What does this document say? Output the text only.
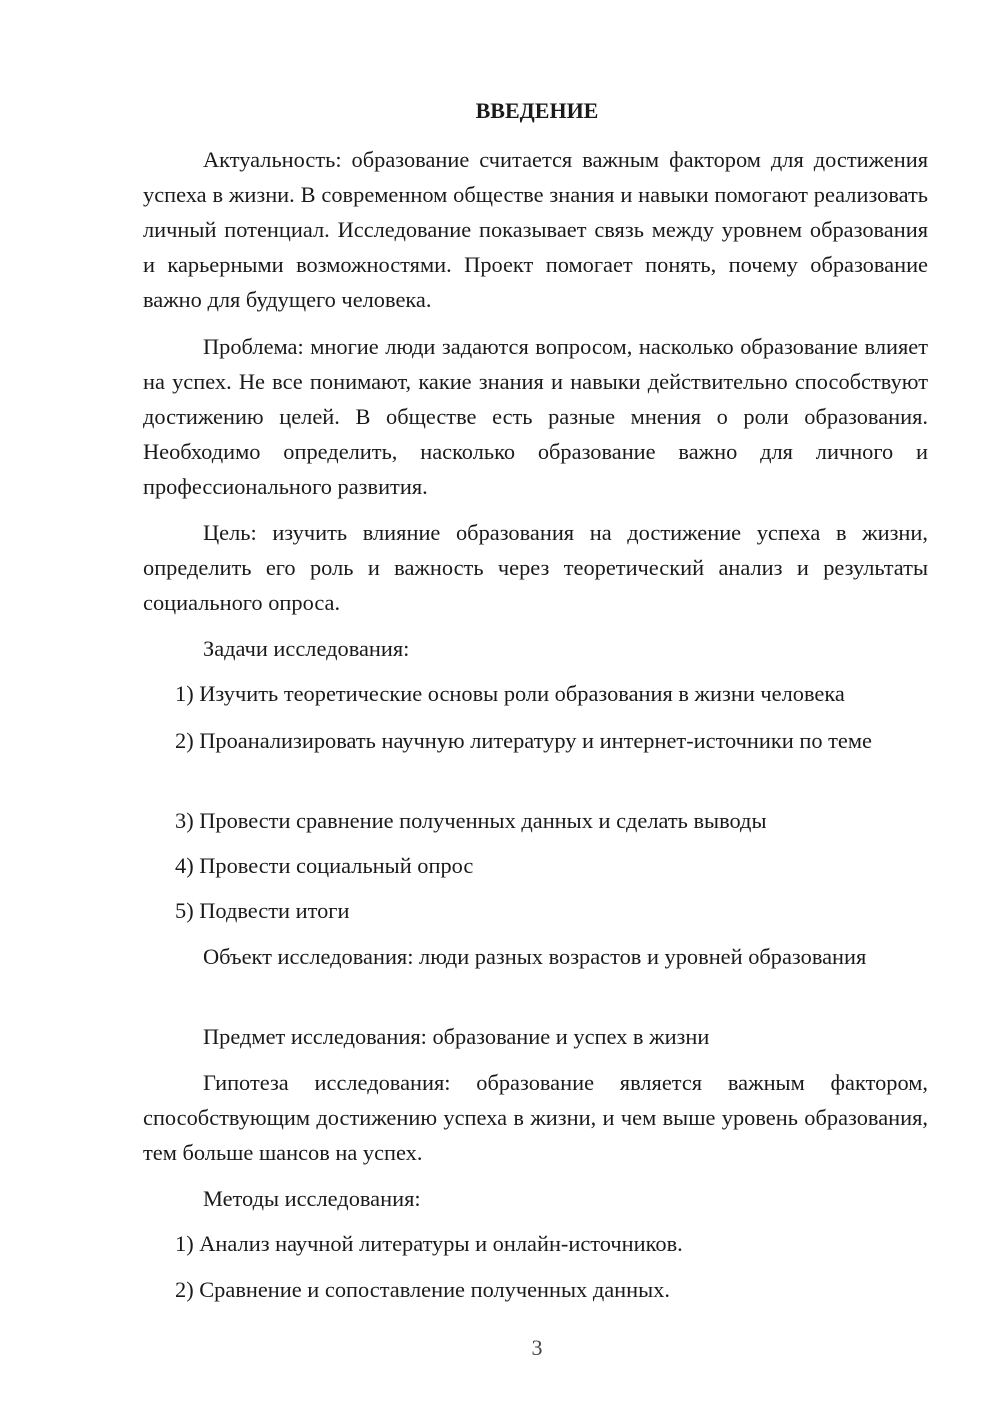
ВВЕДЕНИЕ
Актуальность: образование считается важным фактором для достижения успеха в жизни. В современном обществе знания и навыки помогают реализовать личный потенциал. Исследование показывает связь между уровнем образования и карьерными возможностями. Проект помогает понять, почему образование важно для будущего человека.
Проблема: многие люди задаются вопросом, насколько образование влияет на успех. Не все понимают, какие знания и навыки действительно способствуют достижению целей. В обществе есть разные мнения о роли образования. Необходимо определить, насколько образование важно для личного и профессионального развития.
Цель: изучить влияние образования на достижение успеха в жизни, определить его роль и важность через теоретический анализ и результаты социального опроса.
Задачи исследования:
1) Изучить теоретические основы роли образования в жизни человека
2) Проанализировать научную литературу и интернет-источники по теме
3) Провести сравнение полученных данных и сделать выводы
4) Провести социальный опрос
5) Подвести итоги
Объект исследования: люди разных возрастов и уровней образования
Предмет исследования: образование и успех в жизни
Гипотеза исследования: образование является важным фактором, способствующим достижению успеха в жизни, и чем выше уровень образования, тем больше шансов на успех.
Методы исследования:
1) Анализ научной литературы и онлайн-источников.
2) Сравнение и сопоставление полученных данных.
3
